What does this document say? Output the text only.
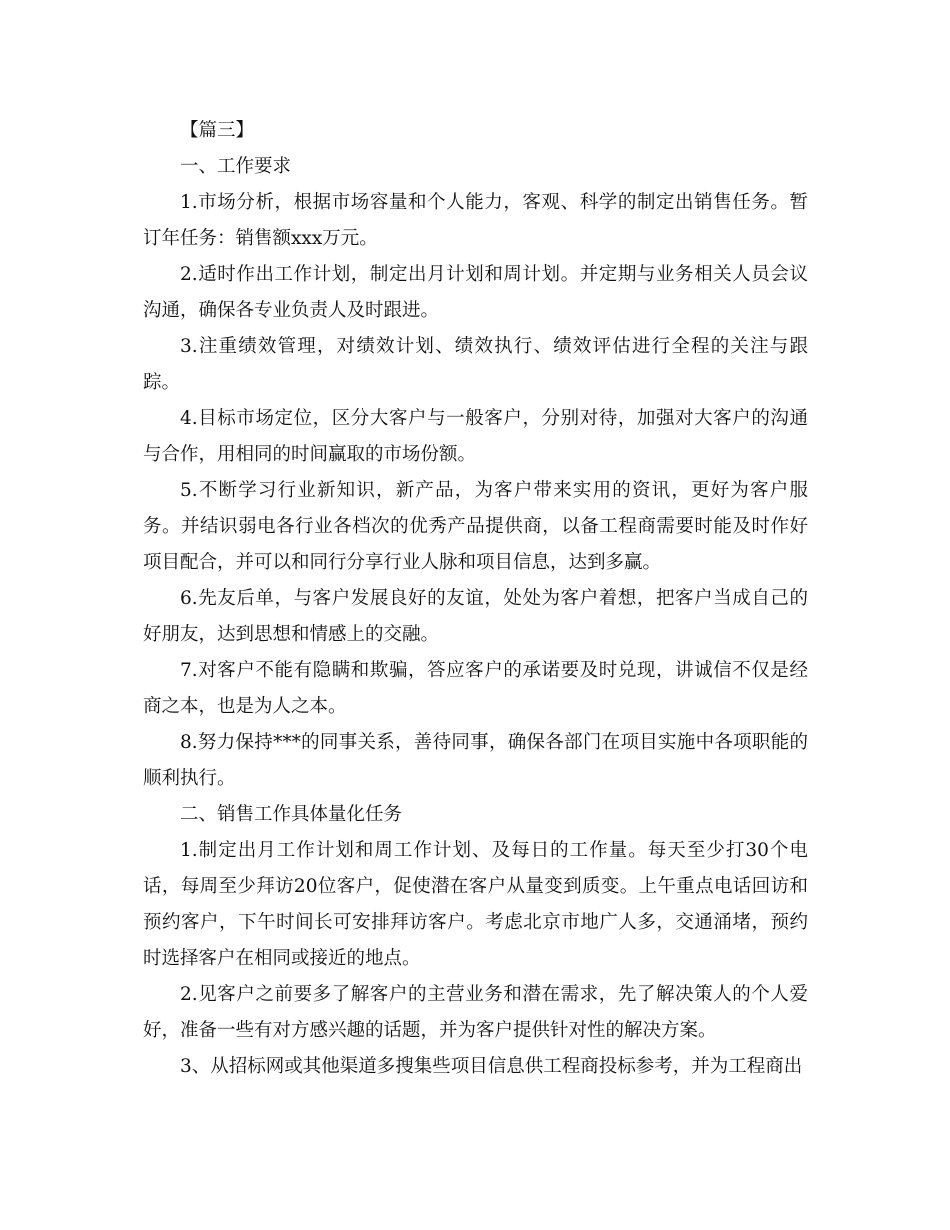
【篇三】

一、工作要求

1.市场分析，根据市场容量和个人能力，客观、科学的制定出销售任务。暂订年任务：销售额xxx万元。

2.适时作出工作计划，制定出月计划和周计划。并定期与业务相关人员会议沟通，确保各专业负责人及时跟进。

3.注重绩效管理，对绩效计划、绩效执行、绩效评估进行全程的关注与跟踪。

4.目标市场定位，区分大客户与一般客户，分别对待，加强对大客户的沟通与合作，用相同的时间赢取的市场份额。

5.不断学习行业新知识，新产品，为客户带来实用的资讯，更好为客户服务。并结识弱电各行业各档次的优秀产品提供商，以备工程商需要时能及时作好项目配合，并可以和同行分享行业人脉和项目信息，达到多赢。

6.先友后单，与客户发展良好的友谊，处处为客户着想，把客户当成自己的好朋友，达到思想和情感上的交融。

7.对客户不能有隐瞒和欺骗，答应客户的承诺要及时兑现，讲诚信不仅是经商之本，也是为人之本。

8.努力保持***的同事关系，善待同事，确保各部门在项目实施中各项职能的顺利执行。

二、销售工作具体量化任务

1.制定出月工作计划和周工作计划、及每日的工作量。每天至少打30个电话，每周至少拜访20位客户，促使潜在客户从量变到质变。上午重点电话回访和预约客户，下午时间长可安排拜访客户。考虑北京市地广人多，交通涌堵，预约时选择客户在相同或接近的地点。

2.见客户之前要多了解客户的主营业务和潜在需求，先了解决策人的个人爱好，准备一些有对方感兴趣的话题，并为客户提供针对性的解决方案。

3、从招标网或其他渠道多搜集些项目信息供工程商投标参考，并为工程商出
